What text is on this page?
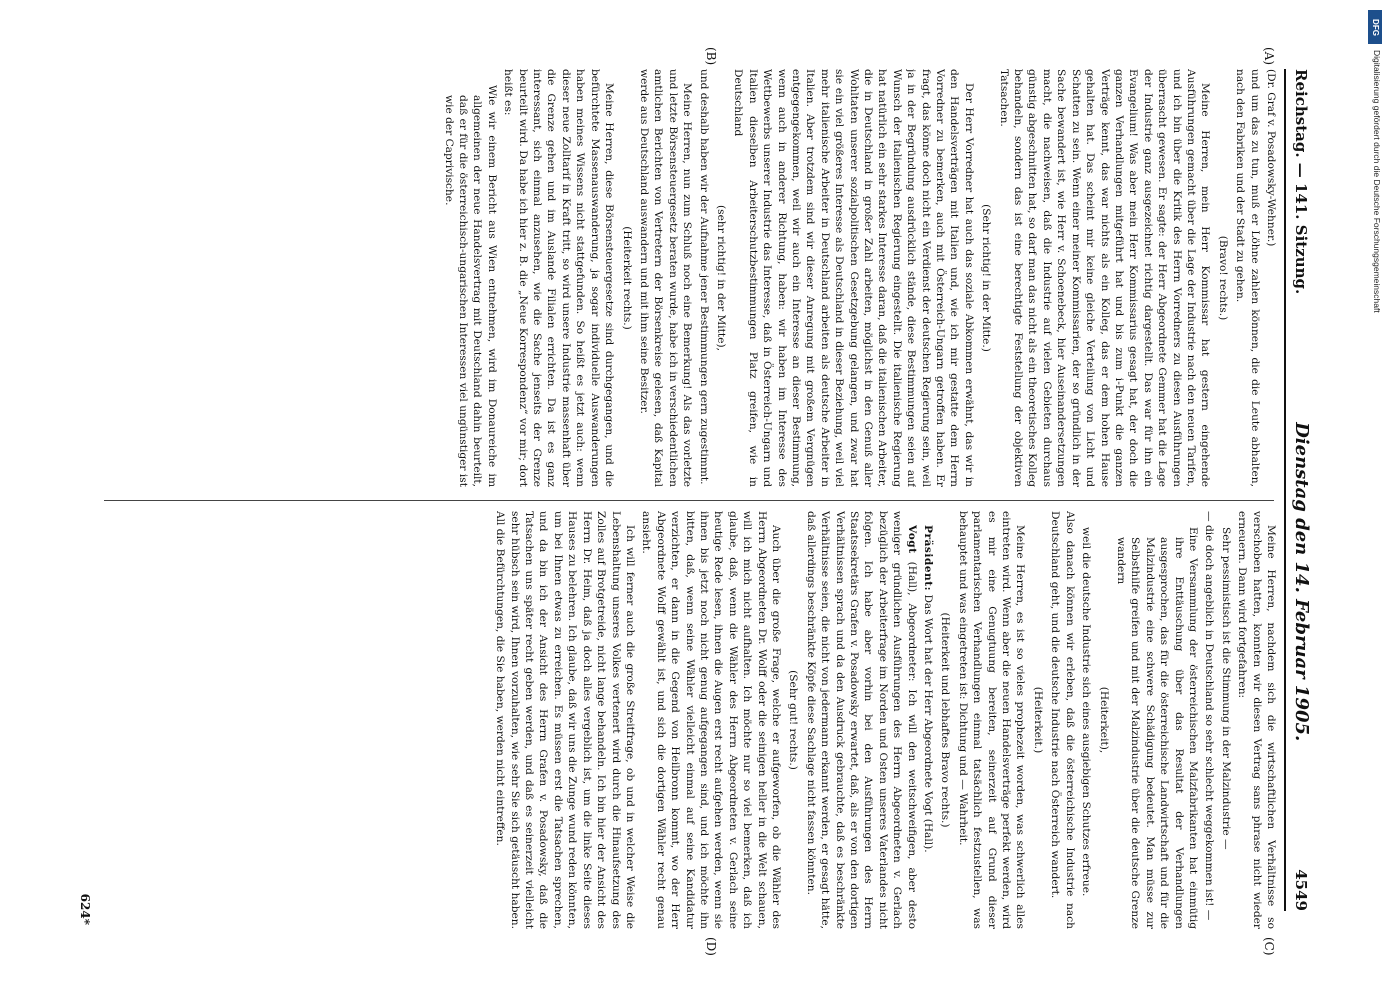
Reichstag. — 141. Sitzung.
Dienstag den 14. Februar 1905.
4549
(A)
(B)
(C)
(D)

(Dr. Graf v. Posadowsky-Wehner.)

und um das zu tun, muß er Löhne zahlen können, die die Leute abhalten, nach den Fabriken und der Stadt zu gehen.

(Bravo! rechts.)

Meine Herren, mein Herr Kommissar hat gestern eingehende Ausführungen gemacht über die Lage der Industrie nach den neuen Tarifen, und ich bin über die Kritik des Herrn Vorredners zu diesen Ausführungen überrascht gewesen. Er sagte: der Herr Abgeordnete Gemmer hat die Lage der Industrie ganz ausgezeichnet richtig dargestellt. Das war für ihn ein Evangelium! Was aber mein Herr Kommissarius gesagt hat, der doch die ganzen Verhandlungen mitgeführt hat und bis zum i-Punkt die ganzen Verträge kennt, das war nichts als ein Kolleg, das er dem hohen Hause gehalten hat. Das scheint mir keine gleiche Verteilung von Licht und Schatten zu sein. Wenn einer meiner Kommissarien, der so gründlich in der Sache bewandert ist, wie Herr v. Schoenebeck, hier Auseinandersetzungen macht, die nachweisen, daß die Industrie auf vielen Gebieten durchaus günstig abgeschnitten hat, so darf man das nicht als ein theoretisches Kolleg behandeln, sondern das ist eine berechtigte Feststellung der objektiven Tatsachen.

(Sehr richtig! in der Mitte.)

Der Herr Vorredner hat auch das soziale Abkommen erwähnt, das wir in den Handelsverträgen mit Italien und, wie ich mir gestatte dem Herrn Vorredner zu bemerken, auch mit Österreich-Ungarn getroffen haben. Er fragt, das könne doch nicht ein Verdienst der deutschen Regierung sein, weil ja in der Begründung ausdrücklich stände, diese Bestimmungen seien auf Wunsch der italienischen Regierung eingestellt. Die italienische Regierung hat natürlich ein sehr starkes Interesse daran, daß die italienischen Arbeiter, die in Deutschland in großer Zahl arbeiten, möglichst in den Genuß aller Wohltaten unserer sozialpolitischen Gesetzgebung gelangen, und zwar hat sie ein viel größeres Interesse als Deutschland in dieser Beziehung, weil viel mehr italienische Arbeiter in Deutschland arbeiten als deutsche Arbeiter in Italien. Aber trotzdem sind wir dieser Anregung mit großem Vergnügen entgegengekommen, weil wir auch ein Interesse an dieser Bestimmung, wenn auch in anderer Richtung, haben: wir haben im Interesse des Wettbewerbs unserer Industrie das Interesse, daß in Österreich-Ungarn und Italien dieselben Arbeiterschutzbestimmungen Platz greifen, wie in Deutschland

(sehr richtig! in der Mitte),

und deshalb haben wir der Aufnahme jener Bestimmungen gern zugestimmt.

Meine Herren, nun zum Schluß noch eine Bemerkung! Als das vorletzte und letzte Börsensteuergesetz beraten wurde, habe ich in verschiedentlichen amtlichen Berichten von Vertretern der Börsenkreise gelesen, daß Kapital werde aus Deutschland auswandern und mit ihm seine Besitzer.

(Heiterkeit rechts.)

Meine Herren, diese Börsensteuergesetze sind durchgegangen, und die befürchtete Massenauswanderung, ja sogar individuelle Auswanderungen haben meines Wissens nicht stattgefunden. So heißt es jetzt auch: wenn dieser neue Zolltarif in Kraft tritt, so wird unsere Industrie massenhaft über die Grenze gehen und im Auslande Filialen errichten. Da ist es ganz interessant, sich einmal anzusehen, wie die Sache jenseits der Grenze beurteilt wird. Da habe ich hier z. B. die „Neue Korrespondenz“ vor mir; dort heißt es:

Wie wir einem Bericht aus Wien entnehmen, wird im Donaureiche im allgemeinen der neue Handelsvertrag mit Deutschland dahin beurteilt, daß er für die österreichisch-ungarischen Interessen viel ungünstiger ist wie der Caprivische.

Meine Herren, nachdem sich die wirtschaftlichen Verhältnisse so verschoben hatten, konnten wir diesen Vertrag sans phrase nicht wieder erneuern. Dann wird fortgefahren:

Sehr pessimistisch ist die Stimmung in der Malzindustrie —

— die doch angeblich in Deutschland so sehr schlecht weggekommen ist! —

Eine Versammlung der österreichischen Malzfabrikanten hat einmütig ihre Enttäuschung über das Resultat der Verhandlungen ausgesprochen, das für die österreichische Landwirtschaft und für die Malzindustrie eine schwere Schädigung bedeutet. Man müsse zur Selbsthilfe greifen und mit der Malzindustrie über die deutsche Grenze wandern

(Heiterkeit),

weil die deutsche Industrie sich eines ausgiebigen Schutzes erfreue.

Also danach können wir erleben, daß die österreichische Industrie nach Deutschland geht, und die deutsche Industrie nach Österreich wandert.

(Heiterkeit.)

Meine Herren, es ist so vieles prophezeit worden, was schwerlich alles eintreten wird. Wenn aber die neuen Handelsverträge perfekt werden, wird es mir eine Genugtuung bereiten, seinerzeit auf Grund dieser parlamentarischen Verhandlungen einmal tatsächlich festzustellen, was behauptet und was eingetreten ist: Dichtung und — Wahrheit.

(Heiterkeit und lebhaftes Bravo rechts.)

Präsident: Das Wort hat der Herr Abgeordnete Vogt (Hall).

Vogt (Hall), Abgeordneter: Ich will den weitschweifigen, aber desto weniger gründlichen Ausführungen des Herrn Abgeordneten v. Gerlach bezüglich der Arbeiterfrage im Norden und Osten unseres Vaterlandes nicht folgen. Ich habe aber vorhin bei den Ausführungen des Herrn Staatssekretärs Grafen v. Posadowsky erwartet, daß, als er von den dortigen Verhältnissen sprach und da den Ausdruck gebrauchte, daß es beschränkte Verhältnisse seien, die nicht von jedermann erkannt werden, er gesagt hätte, daß allerdings beschränkte Köpfe diese Sachlage nicht fassen könnten.

(Sehr gut! rechts.)

Auch über die große Frage, welche er aufgeworfen, ob die Wähler des Herrn Abgeordneten Dr. Wolff oder die seinigen heller in die Welt schauen, will ich mich nicht aufhalten. Ich möchte nur so viel bemerken, daß ich glaube, daß, wenn die Wähler des Herrn Abgeordneten v. Gerlach seine heutige Rede lesen, ihnen die Augen erst recht aufgehen werden, wenn sie ihnen bis jetzt noch nicht genug aufgegangen sind, und ich möchte ihn bitten, daß, wenn seine Wähler vielleicht einmal auf seine Kandidatur verzichten, er dann in die Gegend von Heilbronn kommt, wo der Herr Abgeordnete Wolff gewählt ist, und sich die dortigen Wähler recht genau ansieht.

Ich will ferner auch die große Streitfrage, ob und in welcher Weise die Lebenshaltung unseres Volkes vertenert wird durch die Hinaufsetzung des Zolles auf Brotgetreide, nicht lange behandeln. Ich bin hier der Ansicht des Herrn Dr. Heim, daß ja doch alles vergeblich ist, um die linke Seite dieses Hauses zu belehren. Ich glaube, daß wir uns die Zunge wund reden könnten, um bei Ihnen etwas zu erreichen. Es müssen erst die Tatsachen sprechen, und da bin ich der Ansicht des Herrn Grafen v. Posadowsky, daß die Tatsachen uns später recht geben werden, und daß es seinerzeit vielleicht sehr hübsch sein wird, Ihnen vorzuhalten, wie sehr Sie sich getäuscht haben. All die Befürchtungen, die Sie haben, werden nicht eintreffen.

624*
DFG
Digitalisierung gefördert durch die Deutsche Forschungsgemeinschaft
